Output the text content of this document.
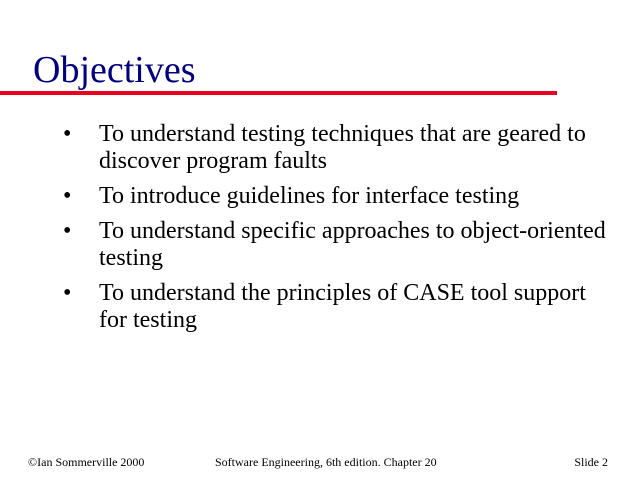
Objectives
• To understand testing techniques that are geared to discover program faults
• To introduce guidelines for interface testing
• To understand specific approaches to object-oriented testing
• To understand the principles of CASE tool support for testing
©Ian Sommerville 2000	Software Engineering, 6th edition. Chapter 20	Slide 2
